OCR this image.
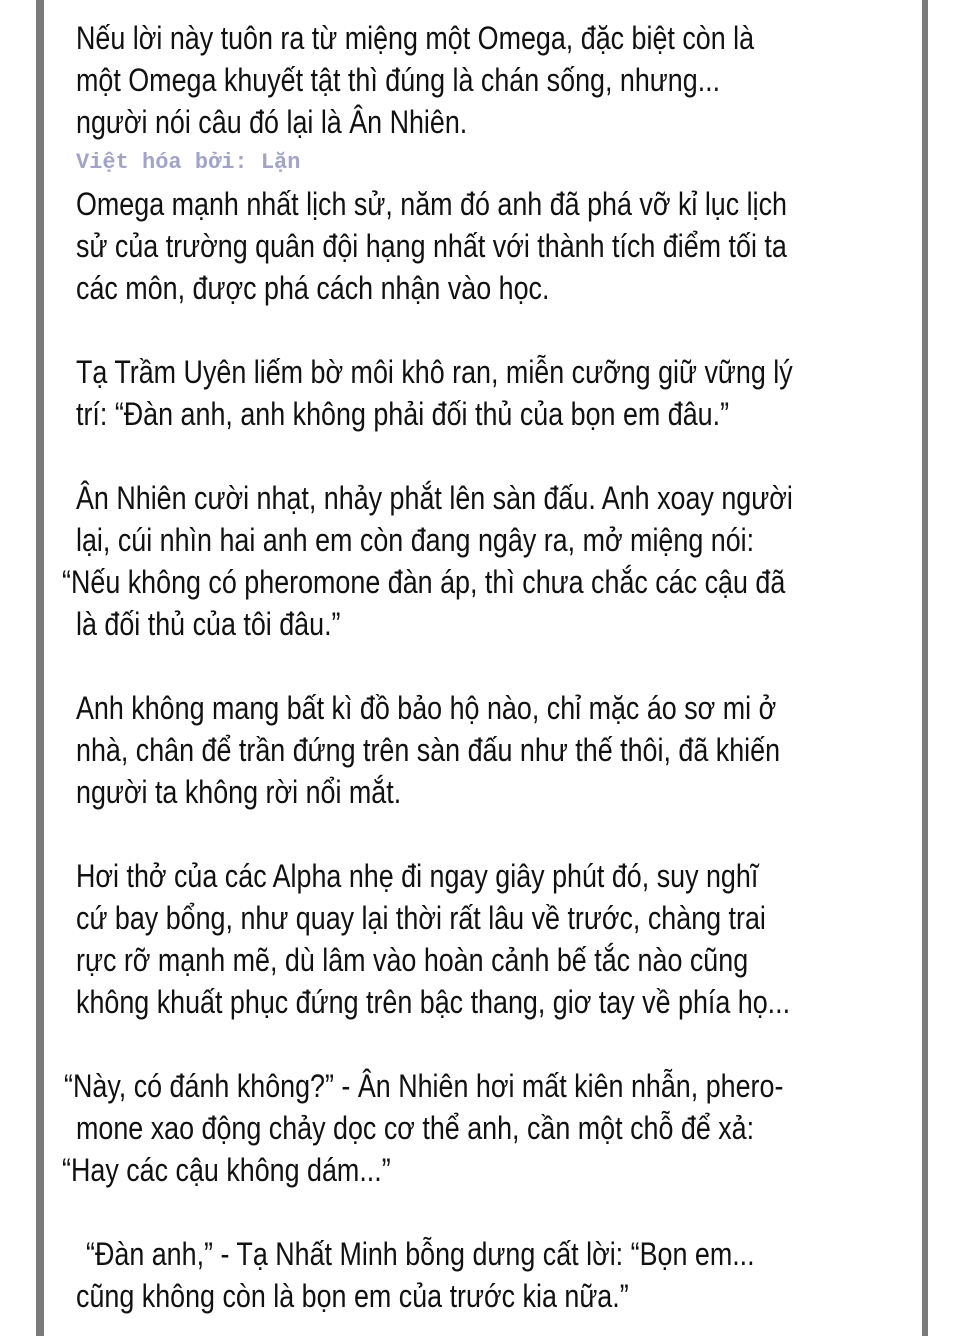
Nếu lời này tuôn ra từ miệng một Omega, đặc biệt còn là
một Omega khuyết tật thì đúng là chán sống, nhưng...
người nói câu đó lại là Ân Nhiên.
Việt hóa bởi: Lặn
Omega mạnh nhất lịch sử, năm đó anh đã phá vỡ kỉ lục lịch
sử của trường quân đội hạng nhất với thành tích điểm tối ta
các môn, được phá cách nhận vào học.
Tạ Trầm Uyên liếm bờ môi khô ran, miễn cưỡng giữ vững lý
trí: “Đàn anh, anh không phải đối thủ của bọn em đâu.”
Ân Nhiên cười nhạt, nhảy phắt lên sàn đấu. Anh xoay người
lại, cúi nhìn hai anh em còn đang ngây ra, mở miệng nói:
“Nếu không có pheromone đàn áp, thì chưa chắc các cậu đã
là đối thủ của tôi đâu.”
Anh không mang bất kì đồ bảo hộ nào, chỉ mặc áo sơ mi ở
nhà, chân để trần đứng trên sàn đấu như thế thôi, đã khiến
người ta không rời nổi mắt.
Hơi thở của các Alpha nhẹ đi ngay giây phút đó, suy nghĩ
cứ bay bổng, như quay lại thời rất lâu về trước, chàng trai
rực rỡ mạnh mẽ, dù lâm vào hoàn cảnh bế tắc nào cũng
không khuất phục đứng trên bậc thang, giơ tay về phía họ...
“Này, có đánh không?” - Ân Nhiên hơi mất kiên nhẫn, phero-
mone xao động chảy dọc cơ thể anh, cần một chỗ để xả:
“Hay các cậu không dám...”
“Đàn anh,” - Tạ Nhất Minh bỗng dưng cất lời: “Bọn em...
cũng không còn là bọn em của trước kia nữa.”
